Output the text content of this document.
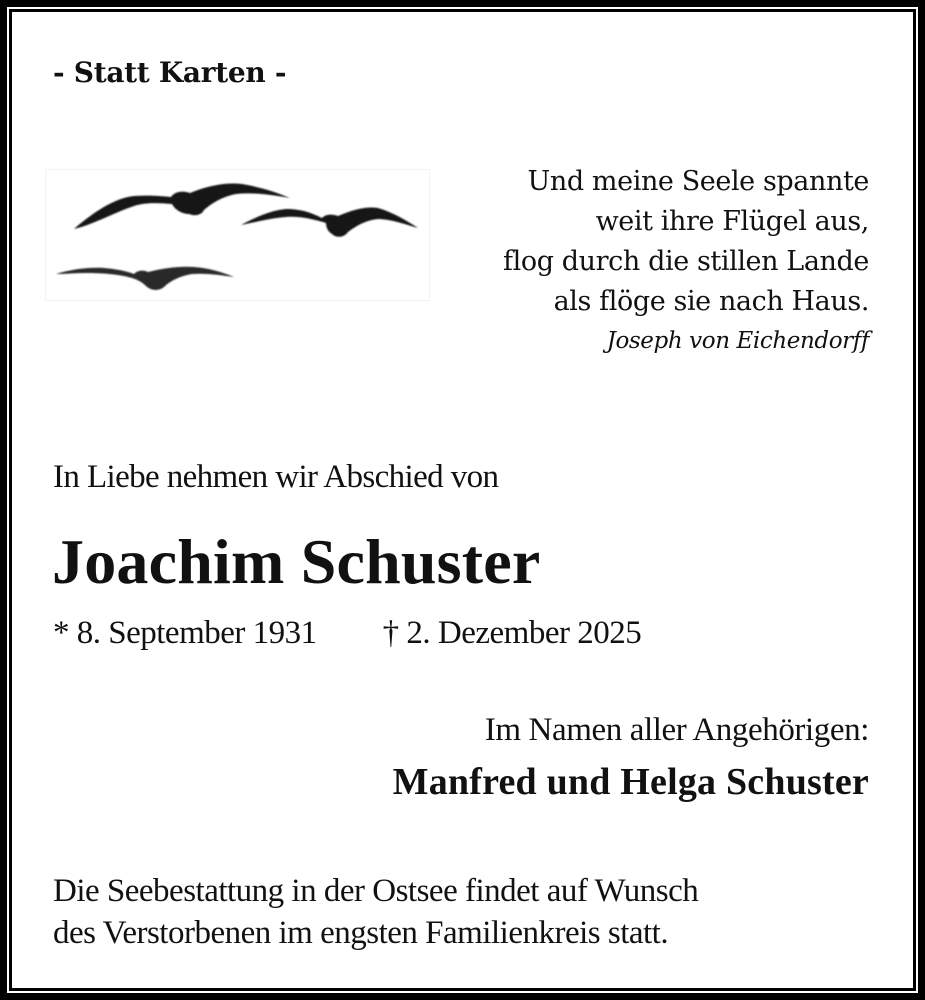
- Statt Karten -
Und meine Seele spannte
weit ihre Flügel aus,
flog durch die stillen Lande
als flöge sie nach Haus.
Joseph von Eichendorff
In Liebe nehmen wir Abschied von
Joachim Schuster
* 8. September 1931 † 2. Dezember 2025
Im Namen aller Angehörigen:
Manfred und Helga Schuster
Die Seebestattung in der Ostsee findet auf Wunsch
des Verstorbenen im engsten Familienkreis statt.
